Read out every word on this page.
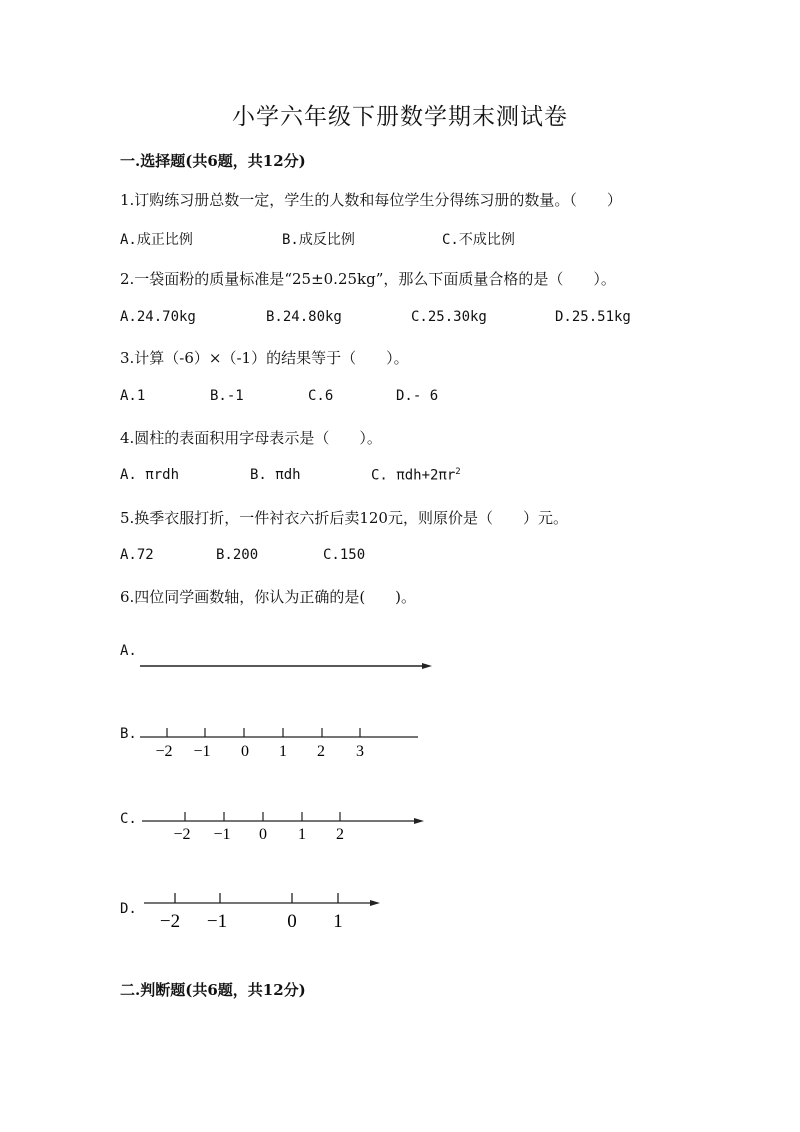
小学六年级下册数学期末测试卷
一.选择题(共6题，共12分)
1.订购练习册总数一定，学生的人数和每位学生分得练习册的数量。（　　）
A.成正比例	B.成反比例	C.不成比例
2.一袋面粉的质量标准是“25±0.25kg”，那么下面质量合格的是（　　）。
A.24.70kg	B.24.80kg	C.25.30kg	D.25.51kg
3.计算（-6）×（-1）的结果等于（　　）。
A.1	B.-1	C.6	D.- 6
4.圆柱的表面积用字母表示是（　　）。
A. πrdh	B. πdh	C. $\pi dh+2\pi r^2$
5.换季衣服打折，一件衬衣六折后卖120元，则原价是（　　）元。
A.72	B.200	C.150
6.四位同学画数轴，你认为正确的是(　　)。
A.
B.
−2 −1 0 1 2 3
C.
−2 −1 0 1 2
D.
−2 −1	0 1
二.判断题(共6题，共12分)
